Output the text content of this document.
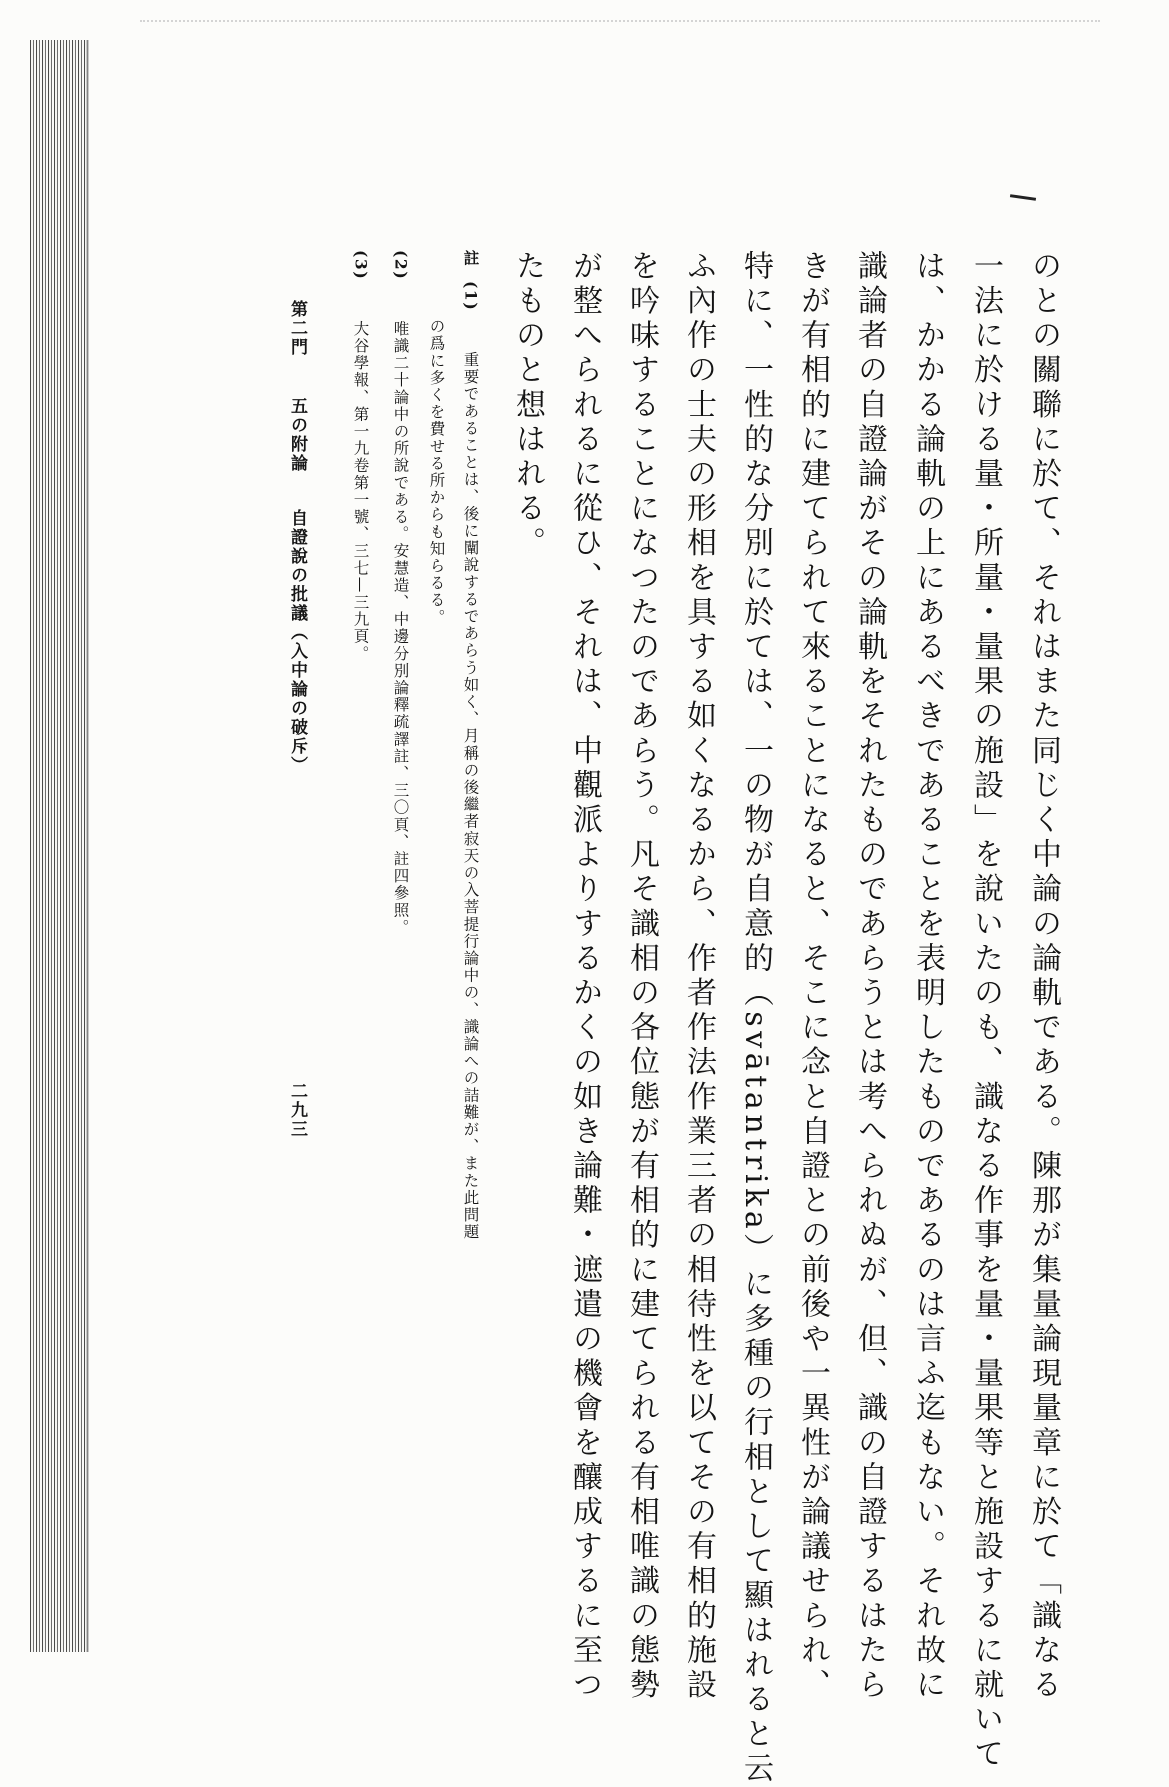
のとの關聯に於て、それはまた同じく中論の論軌である。陳那が集量論現量章に於て「識なる

一法に於ける量・所量・量果の施設」を說いたのも、識なる作事を量・量果等と施設するに就いて

は、かかる論軌の上にあるべきであることを表明したものであるのは言ふ迄もない。それ故に

識論者の自證論がその論軌をそれたものであらうとは考へられぬが、但、識の自證するはたら

きが有相的に建てられて來ることになると、そこに念と自證との前後や一異性が論議せられ、

特に、一性的な分別に於ては、一の物が自意的（svātantrika）に多種の行相として顯はれると云

ふ內作の士夫の形相を具する如くなるから、作者作法作業三者の相待性を以てその有相的施設

を吟味することになつたのであらう。凡そ識相の各位態が有相的に建てられる有相唯識の態勢

が整へられるに從ひ、それは、中觀派よりするかくの如き論難・遮遣の機會を釀成するに至つ

たものと想はれる。

註(1)重要であることは、後に闡說するであらう如く、月稱の後繼者寂天の入菩提行論中の、識論への詰難が、また此問題

の爲に多くを費せる所からも知らるる。

(2)唯識二十論中の所說である。安慧造、中邊分別論釋疏譯註、三〇頁、註四參照。

(3)大谷學報、第一九卷第一號、三七—三九頁。

第二門五の附論自證說の批議（入中論の破斥）
二九三
